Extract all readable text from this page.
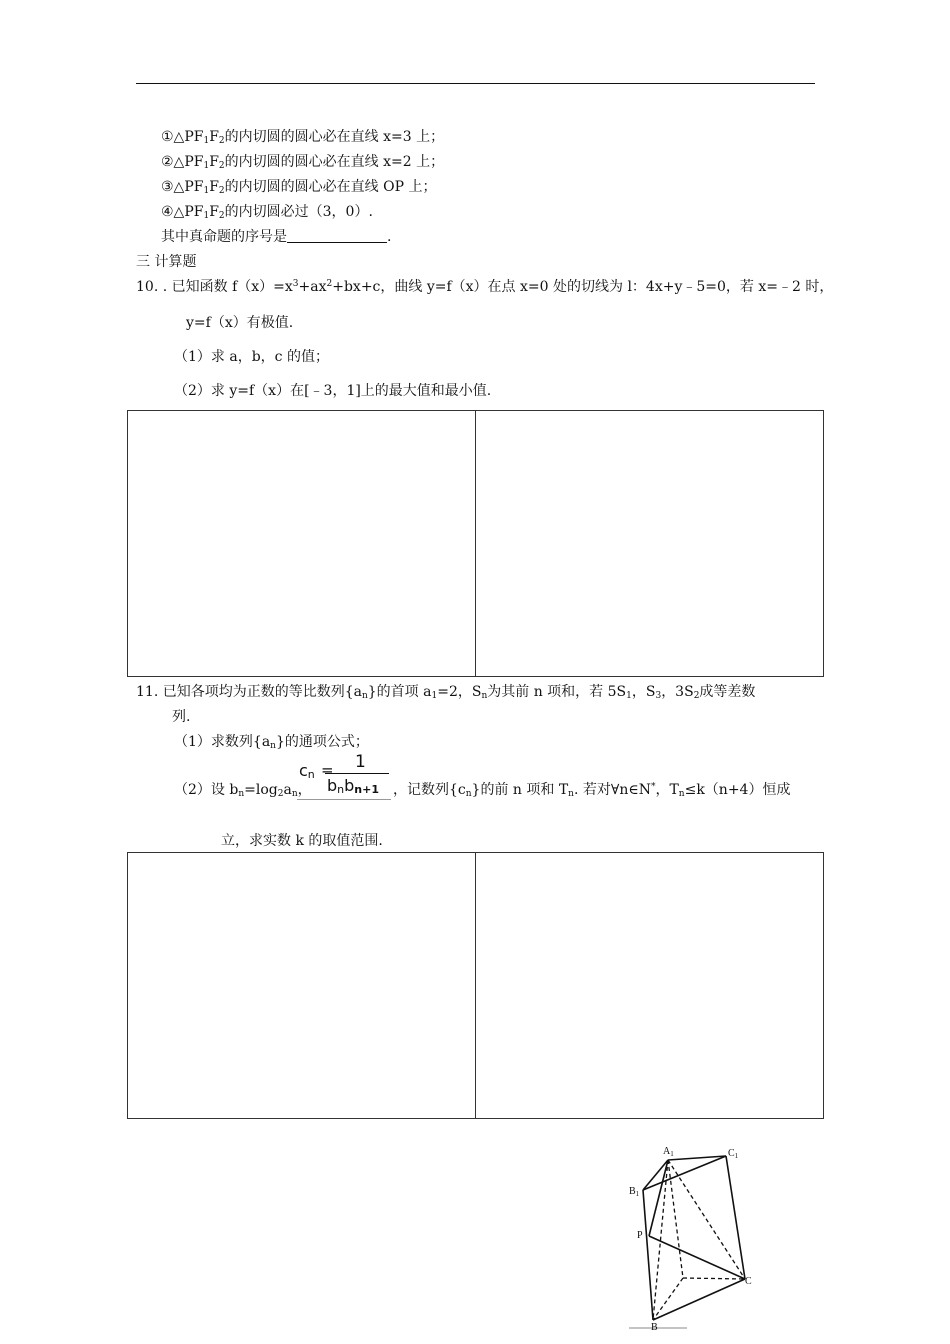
$①\triangle PF_1F_2$的内切圆的圆心必在直线 x=3 上；
$②\triangle PF_1F_2$的内切圆的圆心必在直线 x=2 上；
$③\triangle PF_1F_2$的内切圆的圆心必在直线 OP 上；
$④\triangle PF_1F_2$的内切圆必过（3，0）.
其中真命题的序号是	.
三 计算题
10. . 已知函数 $f(x)=x^3+ax^2+bx+c$，曲线 y=f（x）在点 x=0 处的切线为 l：4x+y﹣5=0，若 x=﹣2 时，
y=f（x）有极值.
（1）求 a，b，c 的值；
（2）求 y=f（x）在[﹣3，1]上的最大值和最小值.
11. 已知各项均为正数的等比数列$\{a_n\}$的首项 $a_1=2$，$S_n$为其前 n 项和，若 $5S_1$，$S_3$，$3S_2$成等差数
列.
（1）求数列$\{a_n\}$的通项公式；
（2）设 $b_n=\log_2a_n$，
$c_n = 1$
$b_nb_{n+1}$ ，记数列$\{c_n\}$的前 n 项和 $T_n$. 若对∀n∈N*，$T_n\le k(n+4)$恒成
立，求实数 k 的取值范围.
$A_1$	$C_1$
$B_1$
P
C
B
